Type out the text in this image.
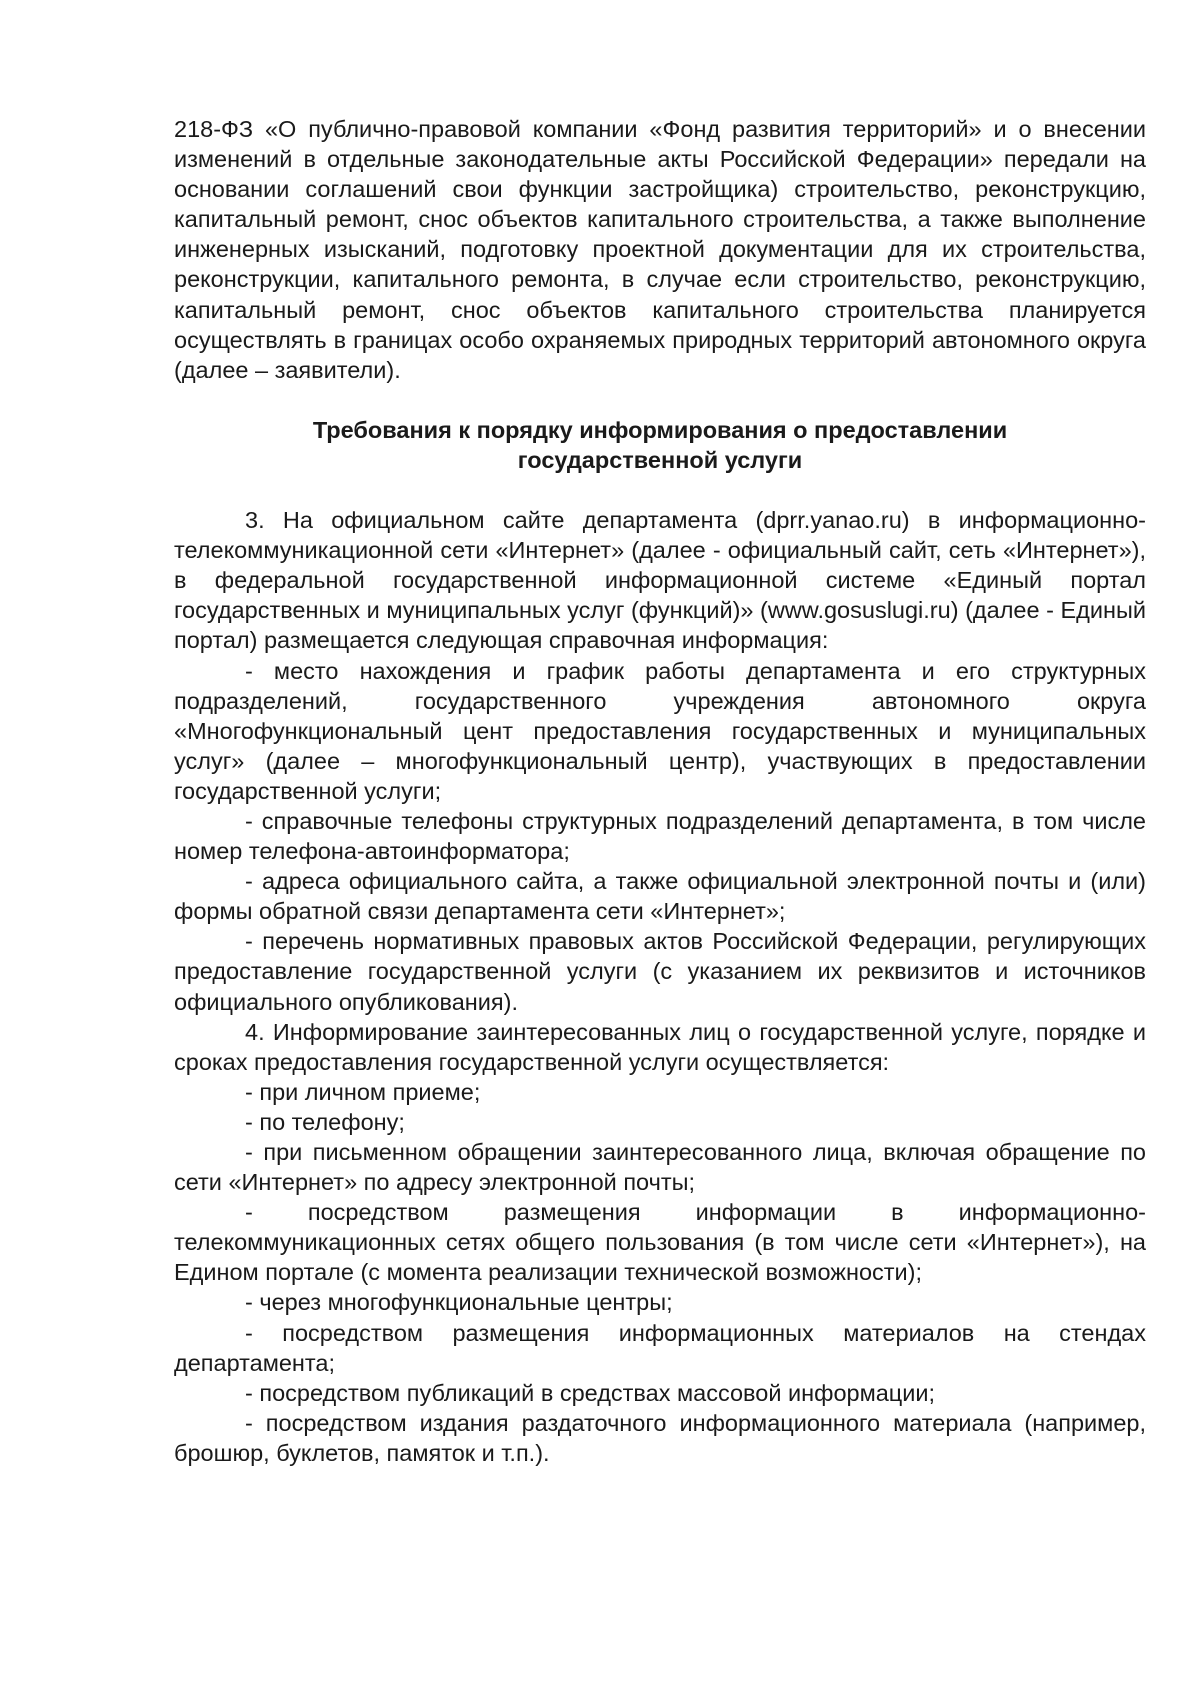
218-ФЗ «О публично-правовой компании «Фонд развития территорий» и о внесении изменений в отдельные законодательные акты Российской Федерации» передали на основании соглашений свои функции застройщика) строительство, реконструкцию, капитальный ремонт, снос объектов капитального строительства, а также выполнение инженерных изысканий, подготовку проектной документации для их строительства, реконструкции, капитального ремонта, в случае если строительство, реконструкцию, капитальный ремонт, снос объектов капитального строительства планируется осуществлять в границах особо охраняемых природных территорий автономного округа (далее – заявители).

Требования к порядку информирования о предоставлении
государственной услуги

3. На официальном сайте департамента (dprr.yanao.ru) в информационно-телекоммуникационной сети «Интернет» (далее - официальный сайт, сеть «Интернет»), в федеральной государственной информационной системе «Единый портал государственных и муниципальных услуг (функций)» (www.gosuslugi.ru) (далее - Единый портал) размещается следующая справочная информация:

- место нахождения и график работы департамента и его структурных подразделений, государственного учреждения автономного округа «Многофункциональный цент предоставления государственных и муниципальных услуг» (далее – многофункциональный центр), участвующих в предоставлении государственной услуги;

- справочные телефоны структурных подразделений департамента, в том числе номер телефона-автоинформатора;

- адреса официального сайта, а также официальной электронной почты и (или) формы обратной связи департамента сети «Интернет»;

- перечень нормативных правовых актов Российской Федерации, регулирующих предоставление государственной услуги (с указанием их реквизитов и источников официального опубликования).

4. Информирование заинтересованных лиц о государственной услуге, порядке и сроках предоставления государственной услуги осуществляется:

- при личном приеме;

- по телефону;

- при письменном обращении заинтересованного лица, включая обращение по сети «Интернет» по адресу электронной почты;

- посредством размещения информации в информационно-телекоммуникационных сетях общего пользования (в том числе сети «Интернет»), на Едином портале (с момента реализации технической возможности);

- через многофункциональные центры;

- посредством размещения информационных материалов на стендах департамента;

- посредством публикаций в средствах массовой информации;

- посредством издания раздаточного информационного материала (например, брошюр, буклетов, памяток и т.п.).
